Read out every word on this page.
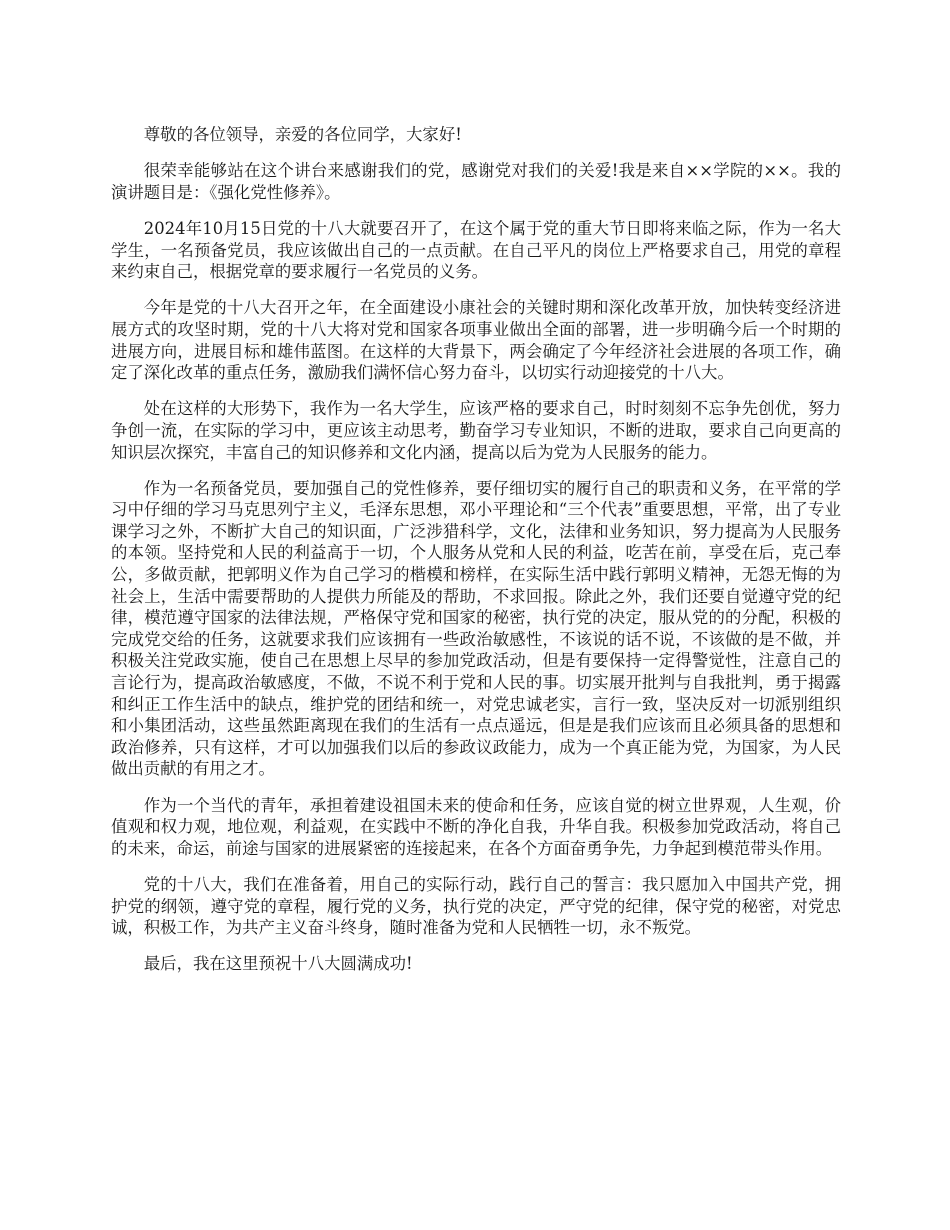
尊敬的各位领导，亲爱的各位同学，大家好!

很荣幸能够站在这个讲台来感谢我们的党，感谢党对我们的关爱!我是来自××学院的××。我的演讲题目是：《强化党性修养》。

2024年10月15日党的十八大就要召开了，在这个属于党的重大节日即将来临之际，作为一名大学生，一名预备党员，我应该做出自己的一点贡献。在自己平凡的岗位上严格要求自己，用党的章程来约束自己，根据党章的要求履行一名党员的义务。

今年是党的十八大召开之年，在全面建设小康社会的关键时期和深化改革开放，加快转变经济进展方式的攻坚时期，党的十八大将对党和国家各项事业做出全面的部署，进一步明确今后一个时期的进展方向，进展目标和雄伟蓝图。在这样的大背景下，两会确定了今年经济社会进展的各项工作，确定了深化改革的重点任务，激励我们满怀信心努力奋斗，以切实行动迎接党的十八大。

处在这样的大形势下，我作为一名大学生，应该严格的要求自己，时时刻刻不忘争先创优，努力争创一流，在实际的学习中，更应该主动思考，勤奋学习专业知识，不断的进取，要求自己向更高的知识层次探究，丰富自己的知识修养和文化内涵，提高以后为党为人民服务的能力。

作为一名预备党员，要加强自己的党性修养，要仔细切实的履行自己的职责和义务，在平常的学习中仔细的学习马克思列宁主义，毛泽东思想，邓小平理论和“三个代表”重要思想，平常，出了专业课学习之外，不断扩大自己的知识面，广泛涉猎科学，文化，法律和业务知识，努力提高为人民服务的本领。坚持党和人民的利益高于一切，个人服务从党和人民的利益，吃苦在前，享受在后，克己奉公，多做贡献，把郭明义作为自己学习的楷模和榜样，在实际生活中践行郭明义精神，无怨无悔的为社会上，生活中需要帮助的人提供力所能及的帮助，不求回报。除此之外，我们还要自觉遵守党的纪律，模范遵守国家的法律法规，严格保守党和国家的秘密，执行党的决定，服从党的的分配，积极的完成党交给的任务，这就要求我们应该拥有一些政治敏感性，不该说的话不说，不该做的是不做，并积极关注党政实施，使自己在思想上尽早的参加党政活动，但是有要保持一定得警觉性，注意自己的言论行为，提高政治敏感度，不做，不说不利于党和人民的事。切实展开批判与自我批判，勇于揭露和纠正工作生活中的缺点，维护党的团结和统一，对党忠诚老实，言行一致，坚决反对一切派别组织和小集团活动，这些虽然距离现在我们的生活有一点点遥远，但是是我们应该而且必须具备的思想和政治修养，只有这样，才可以加强我们以后的参政议政能力，成为一个真正能为党，为国家，为人民做出贡献的有用之才。

作为一个当代的青年，承担着建设祖国未来的使命和任务，应该自觉的树立世界观，人生观，价值观和权力观，地位观，利益观，在实践中不断的净化自我，升华自我。积极参加党政活动，将自己的未来，命运，前途与国家的进展紧密的连接起来，在各个方面奋勇争先，力争起到模范带头作用。

党的十八大，我们在准备着，用自己的实际行动，践行自己的誓言：我只愿加入中国共产党，拥护党的纲领，遵守党的章程，履行党的义务，执行党的决定，严守党的纪律，保守党的秘密，对党忠诚，积极工作，为共产主义奋斗终身，随时准备为党和人民牺牲一切，永不叛党。

最后，我在这里预祝十八大圆满成功!
